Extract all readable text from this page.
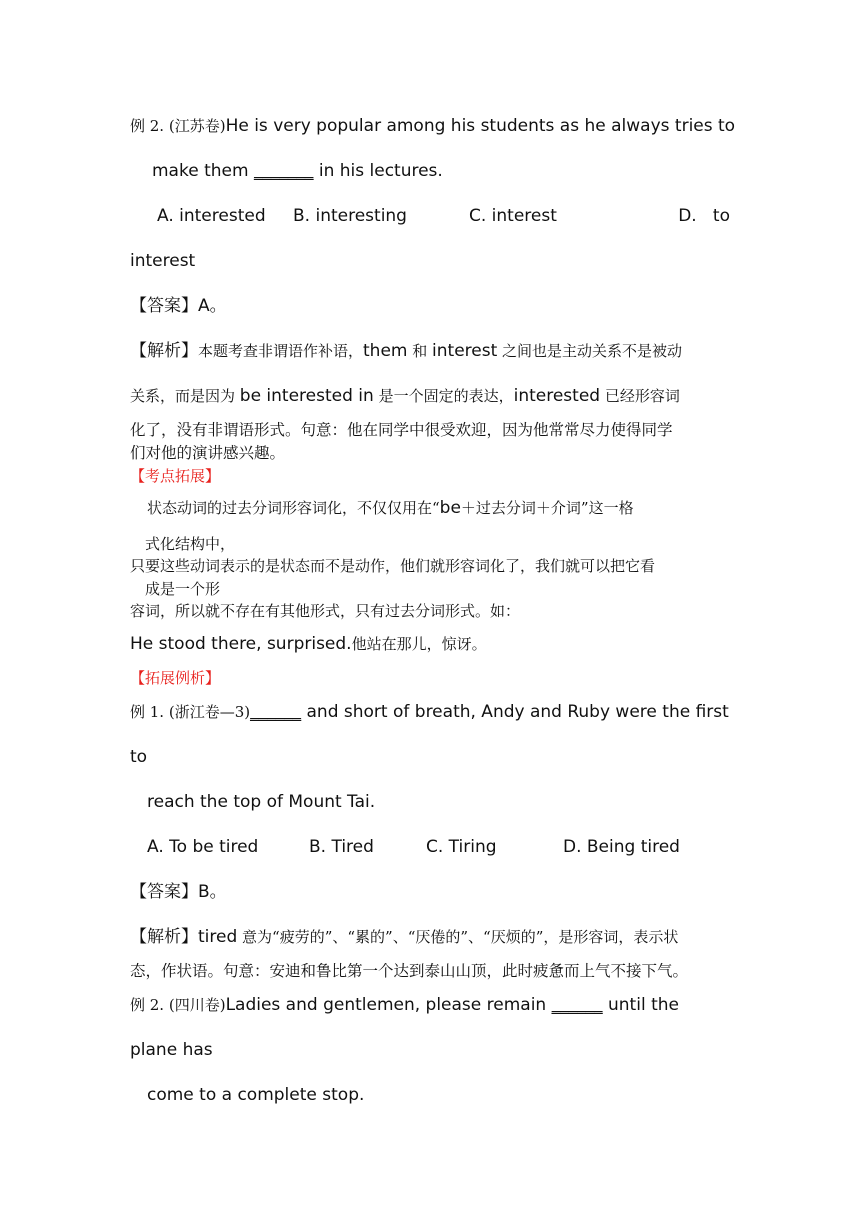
例 2. (江苏卷)He is very popular among his students as he always tries to
make them _______ in his lectures.
A. interested B. interesting	C. interest	D.   to
interest
【答案】A。
【解析】本题考查非谓语作补语，them 和 interest 之间也是主动关系不是被动
关系，而是因为 be interested in 是一个固定的表达，interested 已经形容词
化了，没有非谓语形式。句意：他在同学中很受欢迎，因为他常常尽力使得同学
们对他的演讲感兴趣。
【考点拓展】
状态动词的过去分词形容词化，不仅仅用在“be＋过去分词＋介词”这一格
式化结构中，
只要这些动词表示的是状态而不是动作，他们就形容词化了，我们就可以把它看
成是一个形
容词，所以就不存在有其他形式，只有过去分词形式。如：
He stood there, surprised.他站在那儿，惊讶。
【拓展例析】
例 1. (浙江卷—3)______ and short of breath, Andy and Ruby were the first
to
reach the top of Mount Tai.
A. To be tired	B. Tired	C. Tiring	D. Being tired
【答案】B。
【解析】tired 意为“疲劳的”、“累的”、“厌倦的”、“厌烦的”，是形容词，表示状
态，作状语。句意：安迪和鲁比第一个达到泰山山顶，此时疲惫而上气不接下气。
例 2. (四川卷)Ladies and gentlemen, please remain ______ until the
plane has
come to a complete stop.
